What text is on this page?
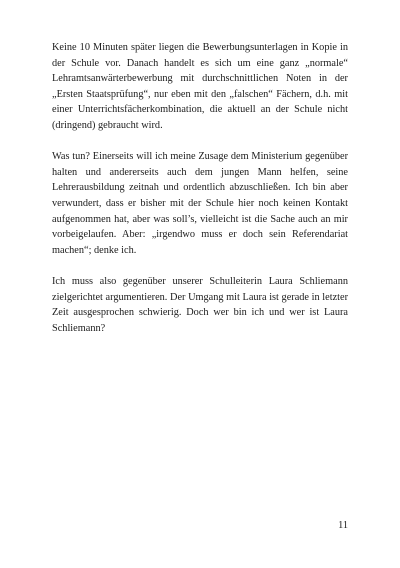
Keine 10 Minuten später liegen die Bewerbungsunterlagen in Kopie in der Schule vor. Danach handelt es sich um eine ganz „normale“ Lehramtsanwärterbewerbung mit durchschnittlichen Noten in der „Ersten Staatsprüfung“, nur eben mit den „falschen“ Fächern, d.h. mit einer Unterrichtsfächerkombination, die aktuell an der Schule nicht (dringend) gebraucht wird.

Was tun? Einerseits will ich meine Zusage dem Ministerium gegenüber halten und andererseits auch dem jungen Mann helfen, seine Lehrerausbildung zeitnah und ordentlich abzuschließen. Ich bin aber verwundert, dass er bisher mit der Schule hier noch keinen Kontakt aufgenommen hat, aber was soll’s, vielleicht ist die Sache auch an mir vorbeigelaufen. Aber: „irgendwo muss er doch sein Referendariat machen“; denke ich.

Ich muss also gegenüber unserer Schulleiterin Laura Schliemann zielgerichtet argumentieren. Der Umgang mit Laura ist gerade in letzter Zeit ausgesprochen schwierig. Doch wer bin ich und wer ist Laura Schliemann?

11
